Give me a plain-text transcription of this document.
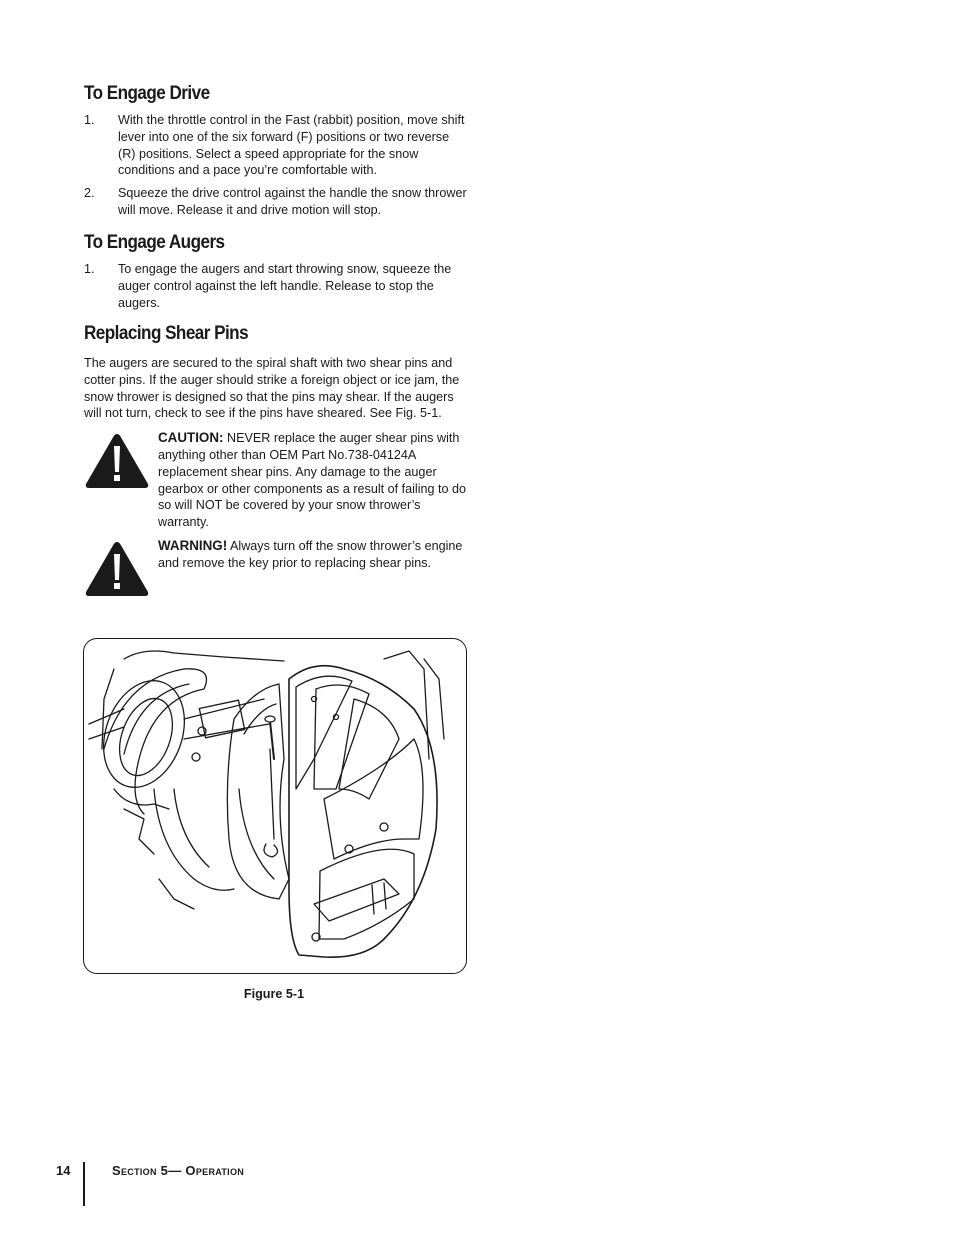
To Engage Drive
1. With the throttle control in the Fast (rabbit) position, move shift lever into one of the six forward (F) positions or two reverse (R) positions. Select a speed appropriate for the snow conditions and a pace you’re comfortable with.
2. Squeeze the drive control against the handle the snow thrower will move. Release it and drive motion will stop.
To Engage Augers
1. To engage the augers and start throwing snow, squeeze the auger control against the left handle. Release to stop the augers.
Replacing Shear Pins

The augers are secured to the spiral shaft with two shear pins and cotter pins. If the auger should strike a foreign object or ice jam, the snow thrower is designed so that the pins may shear. If the augers will not turn, check to see if the pins have sheared. See Fig. 5-1.

CAUTION: NEVER replace the auger shear pins with anything other than OEM Part No.738-04124A replacement shear pins. Any damage to the auger gearbox or other components as a result of failing to do so will NOT be covered by your snow thrower’s warranty.
WARNING! Always turn off the snow thrower’s engine and remove the key prior to replacing shear pins.
Figure 5-1
14	Section 5— Operation
